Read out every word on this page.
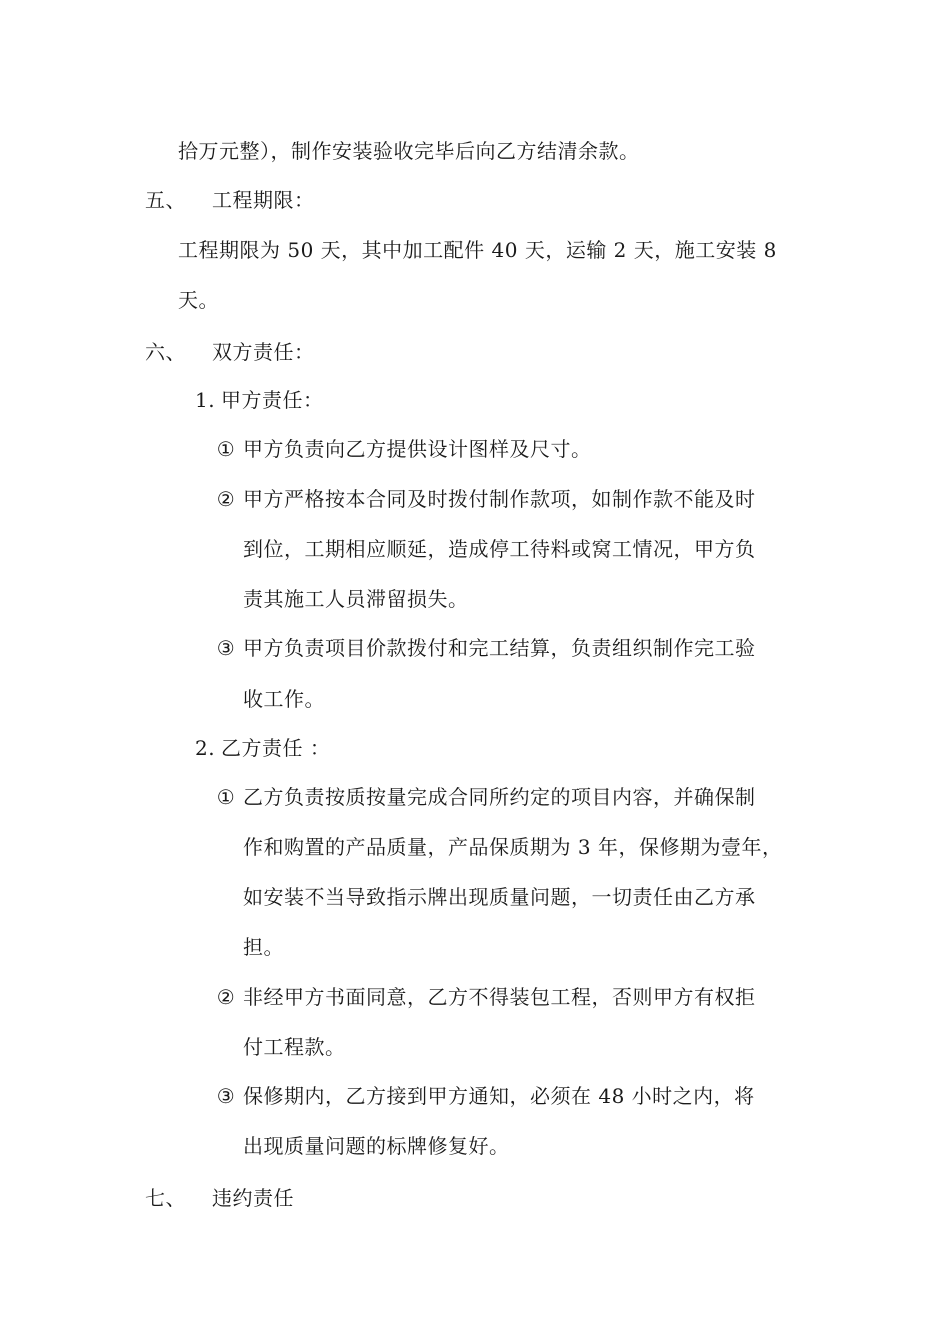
拾万元整），制作安装验收完毕后向乙方结清余款。
五、 工程期限：
工程期限为 50 天，其中加工配件 40 天，运输 2 天，施工安装 8
天。
六、 双方责任：
1. 甲方责任：
① 甲方负责向乙方提供设计图样及尺寸。
② 甲方严格按本合同及时拨付制作款项，如制作款不能及时
到位，工期相应顺延，造成停工待料或窝工情况，甲方负
责其施工人员滞留损失。
③ 甲方负责项目价款拨付和完工结算，负责组织制作完工验
收工作。
2. 乙方责任 ：
① 乙方负责按质按量完成合同所约定的项目内容，并确保制
作和购置的产品质量，产品保质期为 3 年，保修期为壹年，
如安装不当导致指示牌出现质量问题，一切责任由乙方承
担。
② 非经甲方书面同意，乙方不得装包工程，否则甲方有权拒
付工程款。
③ 保修期内，乙方接到甲方通知，必须在 48 小时之内，将
出现质量问题的标牌修复好。
七、 违约责任
